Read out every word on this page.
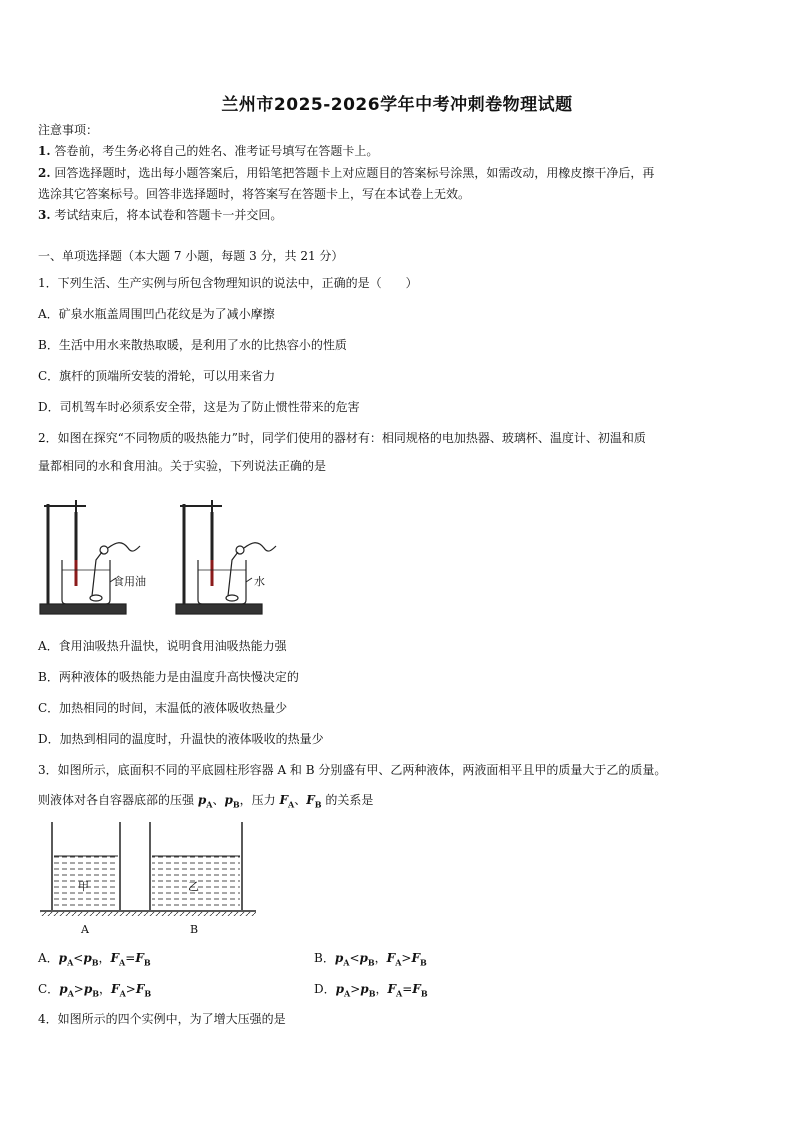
兰州市2025-2026学年中考冲刺卷物理试题
注意事项：
1. 答卷前，考生务必将自己的姓名、准考证号填写在答题卡上。
2. 回答选择题时，选出每小题答案后，用铅笔把答题卡上对应题目的答案标号涂黑，如需改动，用橡皮擦干净后，再
选涂其它答案标号。回答非选择题时，将答案写在答题卡上，写在本试卷上无效。
3. 考试结束后，将本试卷和答题卡一并交回。
一、单项选择题（本大题 7 小题，每题 3 分，共 21 分）
1．下列生活、生产实例与所包含物理知识的说法中，正确的是（　　）
A．矿泉水瓶盖周围凹凸花纹是为了减小摩擦
B．生活中用水来散热取暖，是利用了水的比热容小的性质
C．旗杆的顶端所安装的滑轮，可以用来省力
D．司机驾车时必须系安全带，这是为了防止惯性带来的危害
2．如图在探究“不同物质的吸热能力”时，同学们使用的器材有：相同规格的电加热器、玻璃杯、温度计、初温和质
量都相同的水和食用油。关于实验，下列说法正确的是
食用油	水
A．食用油吸热升温快，说明食用油吸热能力强
B．两种液体的吸热能力是由温度升高快慢决定的
C．加热相同的时间，末温低的液体吸收热量少
D．加热到相同的温度时，升温快的液体吸收的热量少
3．如图所示，底面积不同的平底圆柱形容器 A 和 B 分别盛有甲、乙两种液体，两液面相平且甲的质量大于乙的质量。
则液体对各自容器底部的压强 $p_A$、$p_B$，压力 $F_A$、$F_B$ 的关系是
甲	乙
A	B
A．$p_A<p_B$，$F_A=F_B$	B．$p_A<p_B$，$F_A>F_B$
C．$p_A>p_B$，$F_A>F_B$	D．$p_A>p_B$，$F_A=F_B$
4．如图所示的四个实例中，为了增大压强的是
